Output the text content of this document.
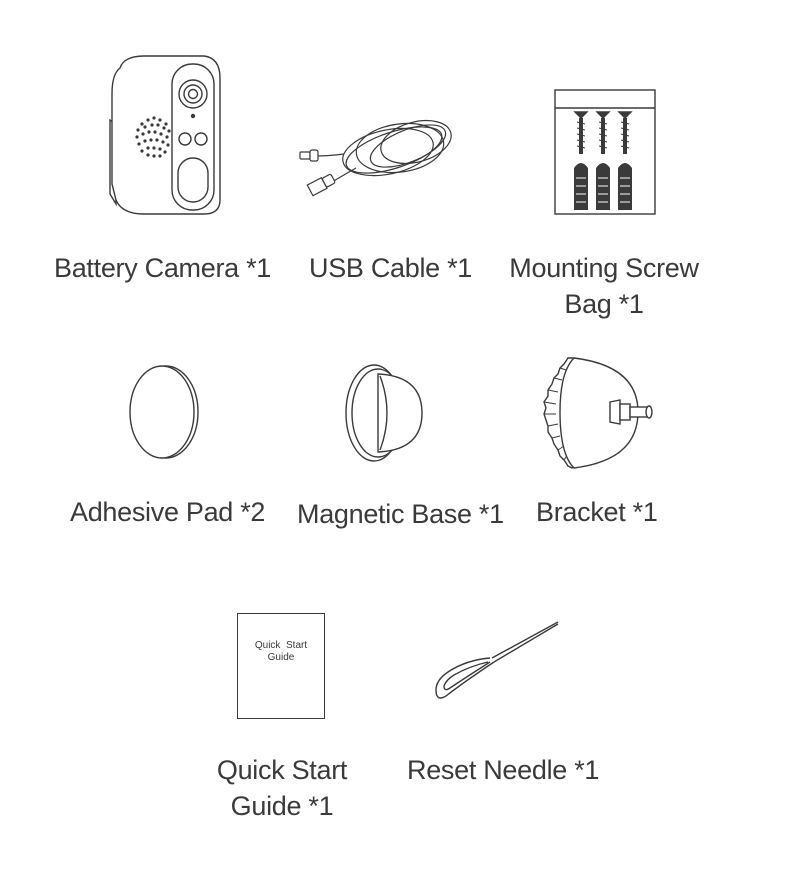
Battery Camera *1 USB Cable *1 Mounting Screw
Bag *1
Adhesive Pad *2 Magnetic Base *1 Bracket *1
Quick  Start
Guide
Quick Start
Guide *1
Reset Needle *1
